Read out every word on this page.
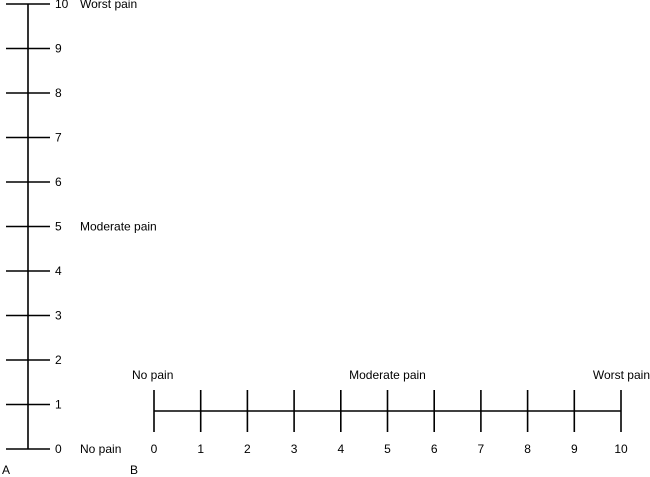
0
1
2
3
4
5
6
7
8
9
10
No pain
Moderate pain
Worst pain
0	1	2	3	4	5	6	7	8	9	10
No pain	Moderate pain	Worst pain
A	B
